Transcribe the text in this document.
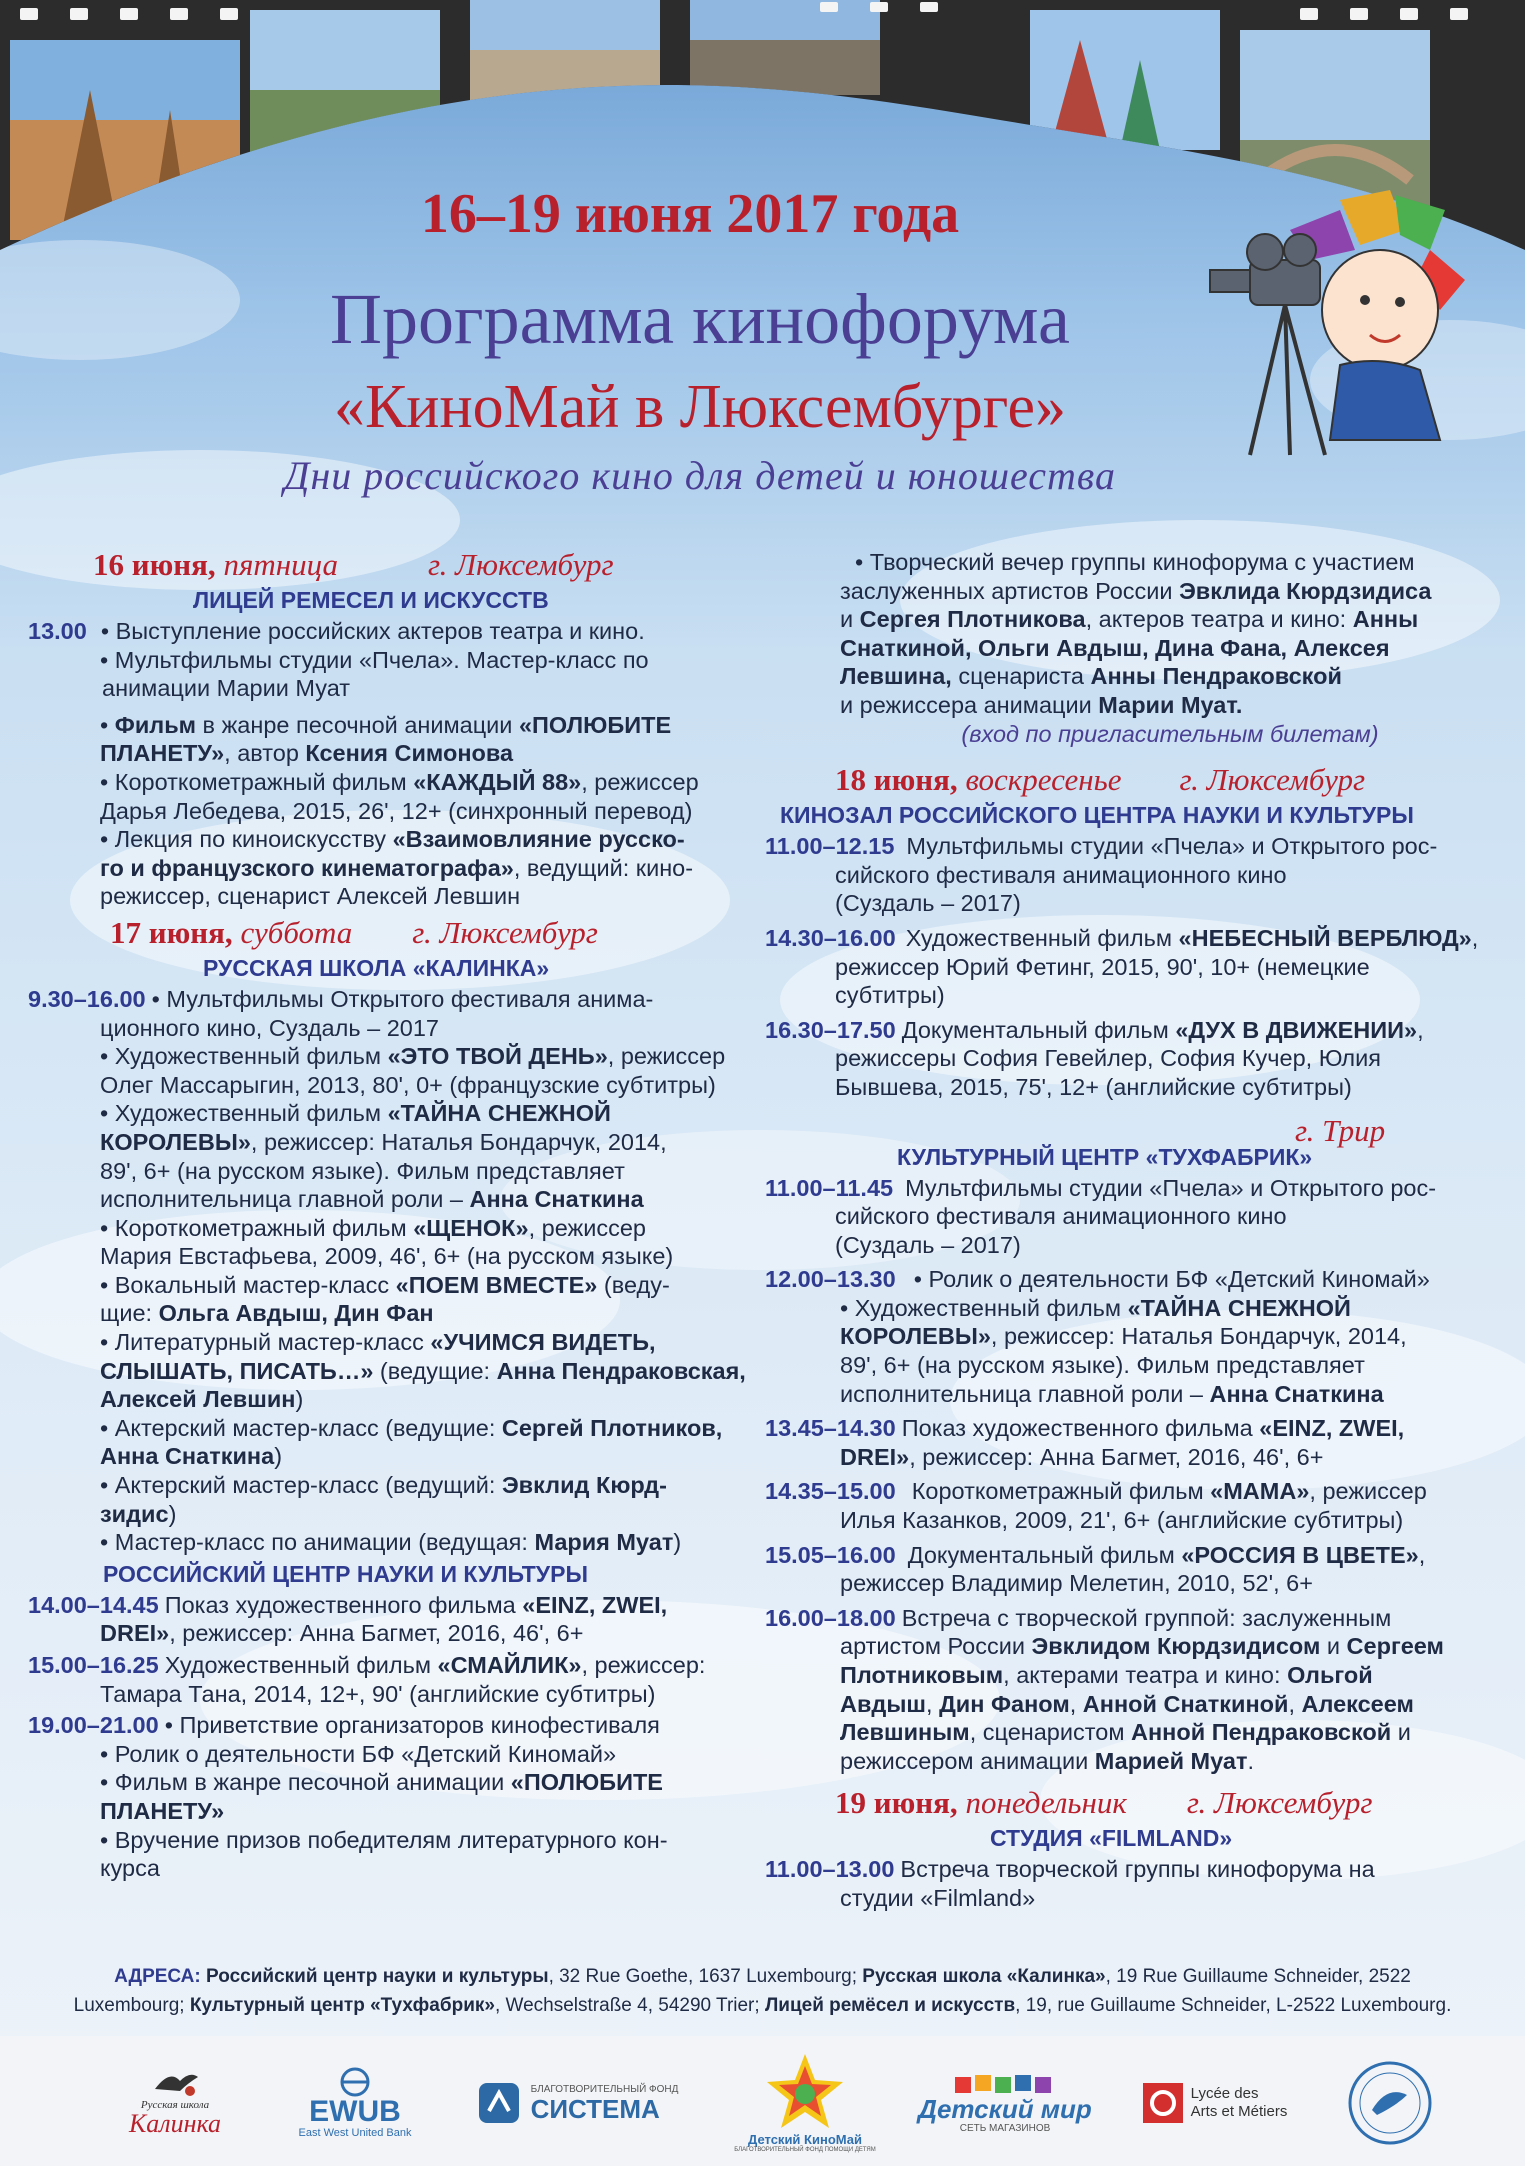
16–19 июня 2017 года
Программа кинофорума
«КиноМай в Люксембурге»
Дни российского кино для детей и юношества
16 июня, пятница	г. Люксембург
ЛИЦЕЙ РЕМЕСЕЛ И ИСКУССТВ
13.00 • Выступление российских актеров театра и кино.
• Мультфильмы студии «Пчела». Мастер-класс по
анимации Марии Муат
• Фильм в жанре песочной анимации «ПОЛЮБИТЕ
ПЛАНЕТУ», автор Ксения Симонова
• Короткометражный фильм «КАЖДЫЙ 88», режиссер
Дарья Лебедева, 2015, 26', 12+ (синхронный перевод)
• Лекция по киноискусству «Взаимовлияние русско-
го и французского кинематографа», ведущий: кино-
режиссер, сценарист Алексей Левшин
17 июня, суббота г. Люксембург
РУССКАЯ ШКОЛА «КАЛИНКА»
9.30–16.00 • Мультфильмы Открытого фестиваля анима-
ционного кино, Суздаль – 2017
• Художественный фильм «ЭТО ТВОЙ ДЕНЬ», режиссер
Олег Массарыгин, 2013, 80', 0+ (французские субтитры)
• Художественный фильм «ТАЙНА СНЕЖНОЙ
КОРОЛЕВЫ», режиссер: Наталья Бондарчук, 2014,
89', 6+ (на русском языке). Фильм представляет
исполнительница главной роли – Анна Снаткина
• Короткометражный фильм «ЩЕНОК», режиссер
Мария Евстафьева, 2009, 46', 6+ (на русском языке)
• Вокальный мастер-класс «ПОЕМ ВМЕСТЕ» (веду-
щие: Ольга Авдыш, Дин Фан
• Литературный мастер-класс «УЧИМСЯ ВИДЕТЬ,
СЛЫШАТЬ, ПИСАТЬ…» (ведущие: Анна Пендраковская,
Алексей Левшин)
• Актерский мастер-класс (ведущие: Сергей Плотников,
Анна Снаткина)
• Актерский мастер-класс (ведущий: Эвклид Кюрд-
зидис)
• Мастер-класс по анимации (ведущая: Мария Муат)
РОССИЙСКИЙ ЦЕНТР НАУКИ И КУЛЬТУРЫ
14.00–14.45 Показ художественного фильма «EINZ, ZWEI,
DREI», режиссер: Анна Багмет, 2016, 46', 6+
15.00–16.25 Художественный фильм «СМАЙЛИК», режиссер:
Тамара Тана, 2014, 12+, 90' (английские субтитры)
19.00–21.00 • Приветствие организаторов кинофестиваля
• Ролик о деятельности БФ «Детский Киномай»
• Фильм в жанре песочной анимации «ПОЛЮБИТЕ
ПЛАНЕТУ»
• Вручение призов победителям литературного кон-
курса
• Творческий вечер группы кинофорума с участием
заслуженных артистов России Эвклида Кюрдзидиса
и Сергея Плотникова, актеров театра и кино: Анны
Снаткиной, Ольги Авдыш, Дина Фана, Алексея
Левшина, сценариста Анны Пендраковской
и режиссера анимации Марии Муат.
(вход по пригласительным билетам)
18 июня, воскресенье г. Люксембург
КИНОЗАЛ РОССИЙСКОГО ЦЕНТРА НАУКИ И КУЛЬТУРЫ
11.00–12.15 Мультфильмы студии «Пчела» и Открытого рос-
сийского фестиваля анимационного кино
(Суздаль – 2017)
14.30–16.00 Художественный фильм «НЕБЕСНЫЙ ВЕРБЛЮД»,
режиссер Юрий Фетинг, 2015, 90', 10+ (немецкие
субтитры)
16.30–17.50 Документальный фильм «ДУХ В ДВИЖЕНИИ»,
режиссеры София Гевейлер, София Кучер, Юлия
Бывшева, 2015, 75', 12+ (английские субтитры)
г. Трир
КУЛЬТУРНЫЙ ЦЕНТР «ТУХФАБРИК»
11.00–11.45 Мультфильмы студии «Пчела» и Открытого рос-
сийского фестиваля анимационного кино
(Суздаль – 2017)
12.00–13.30 • Ролик о деятельности БФ «Детский Киномай»
• Художественный фильм «ТАЙНА СНЕЖНОЙ
КОРОЛЕВЫ», режиссер: Наталья Бондарчук, 2014,
89', 6+ (на русском языке). Фильм представляет
исполнительница главной роли – Анна Снаткина
13.45–14.30 Показ художественного фильма «EINZ, ZWEI,
DREI», режиссер: Анна Багмет, 2016, 46', 6+
14.35–15.00 Короткометражный фильм «МАМА», режиссер
Илья Казанков, 2009, 21', 6+ (английские субтитры)
15.05–16.00 Документальный фильм «РОССИЯ В ЦВЕТЕ»,
режиссер Владимир Мелетин, 2010, 52', 6+
16.00–18.00 Встреча с творческой группой: заслуженным
артистом России Эвклидом Кюрдзидисом и Сергеем
Плотниковым, актерами театра и кино: Ольгой
Авдыш, Дин Фаном, Анной Снаткиной, Алексеем
Левшиным, сценаристом Анной Пендраковской и
режиссером анимации Марией Муат.
19 июня, понедельник г. Люксембург
СТУДИЯ «FILMLAND»
11.00–13.00 Встреча творческой группы кинофорума на
студии «Filmland»
АДРЕСА: Российский центр науки и культуры, 32 Rue Goethe, 1637 Luxembourg; Русская школа «Калинка», 19 Rue Guillaume Schneider, 2522
Luxembourg; Культурный центр «Тухфабрик», Wechselstraße 4, 54290 Trier; Лицей ремёсел и искусств, 19, rue Guillaume Schneider, L-2522 Luxembourg.
Русская школа
Калинка	EWUB
East West United Bank
БЛАГОТВОРИТЕЛЬНЫЙ ФОНД
СИСТЕМА
Детский КиноМай
БЛАГОТВОРИТЕЛЬНЫЙ ФОНД ПОМОЩИ ДЕТЯМ
Детский мир
СЕТЬ МАГАЗИНОВ
Lycée des
Arts et Métiers
